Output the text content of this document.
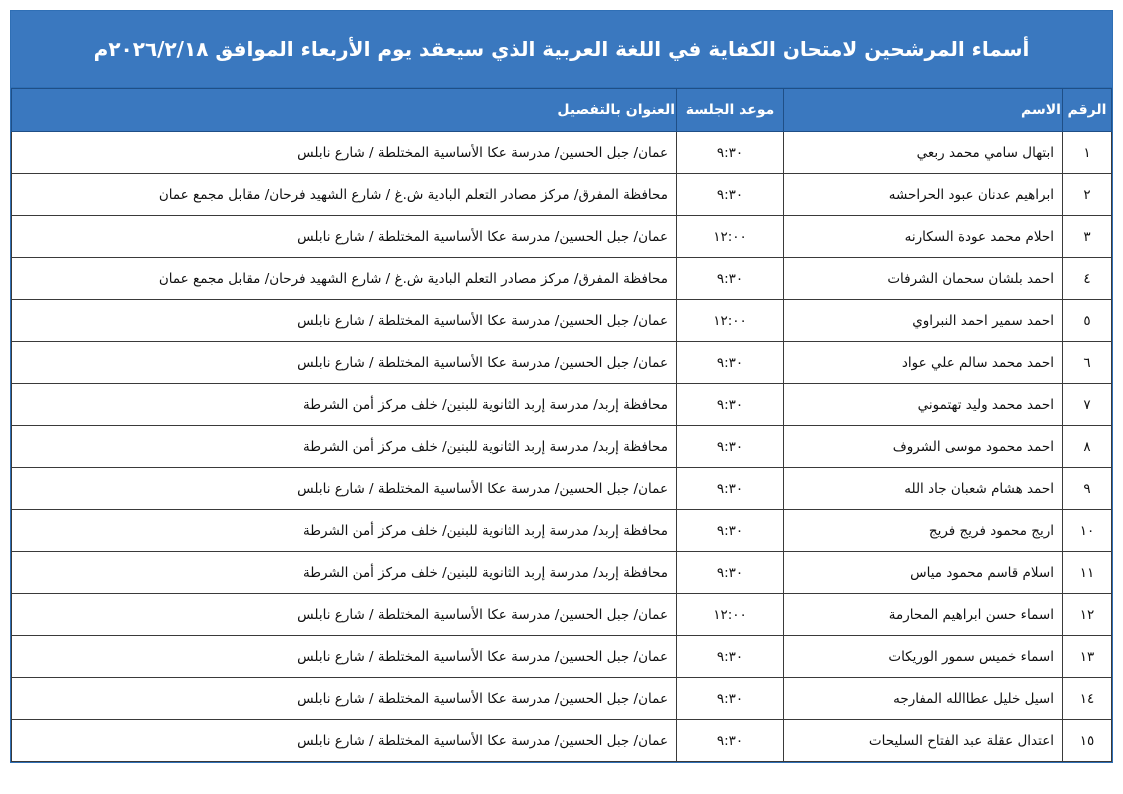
أسماء المرشحين لامتحان الكفاية في اللغة العربية الذي سيعقد يوم الأربعاء الموافق ٢٠٢٦/٢/١٨م
الرقم	الاسم	موعد الجلسة	العنوان بالتفصيل
١	ابتهال سامي محمد ربعي	٩:٣٠	عمان/ جبل الحسين/ مدرسة عكا الأساسية المختلطة / شارع نابلس
٢	ابراهيم عدنان عبود الحراحشه	٩:٣٠	محافظة المفرق/ مركز مصادر التعلم البادية ش.غ / شارع الشهيد فرحان/ مقابل مجمع عمان
٣	احلام محمد عودة السكارنه	١٢:٠٠	عمان/ جبل الحسين/ مدرسة عكا الأساسية المختلطة / شارع نابلس
٤	احمد بلشان سحمان الشرفات	٩:٣٠	محافظة المفرق/ مركز مصادر التعلم البادية ش.غ / شارع الشهيد فرحان/ مقابل مجمع عمان
٥	احمد سمير احمد النبراوي	١٢:٠٠	عمان/ جبل الحسين/ مدرسة عكا الأساسية المختلطة / شارع نابلس
٦	احمد محمد سالم علي عواد	٩:٣٠	عمان/ جبل الحسين/ مدرسة عكا الأساسية المختلطة / شارع نابلس
٧	احمد محمد وليد تهتموني	٩:٣٠	محافظة إربد/ مدرسة إربد الثانوية للبنين/ خلف مركز أمن الشرطة
٨	احمد محمود موسى الشروف	٩:٣٠	محافظة إربد/ مدرسة إربد الثانوية للبنين/ خلف مركز أمن الشرطة
٩	احمد هشام شعبان جاد الله	٩:٣٠	عمان/ جبل الحسين/ مدرسة عكا الأساسية المختلطة / شارع نابلس
١٠	اريج محمود فريج فريج	٩:٣٠	محافظة إربد/ مدرسة إربد الثانوية للبنين/ خلف مركز أمن الشرطة
١١	اسلام قاسم محمود مياس	٩:٣٠	محافظة إربد/ مدرسة إربد الثانوية للبنين/ خلف مركز أمن الشرطة
١٢	اسماء حسن ابراهيم المحارمة	١٢:٠٠	عمان/ جبل الحسين/ مدرسة عكا الأساسية المختلطة / شارع نابلس
١٣	اسماء خميس سمور الوريكات	٩:٣٠	عمان/ جبل الحسين/ مدرسة عكا الأساسية المختلطة / شارع نابلس
١٤	اسيل خليل عطاالله المفارجه	٩:٣٠	عمان/ جبل الحسين/ مدرسة عكا الأساسية المختلطة / شارع نابلس
١٥	اعتدال عقلة عبد الفتاح السليحات	٩:٣٠	عمان/ جبل الحسين/ مدرسة عكا الأساسية المختلطة / شارع نابلس
